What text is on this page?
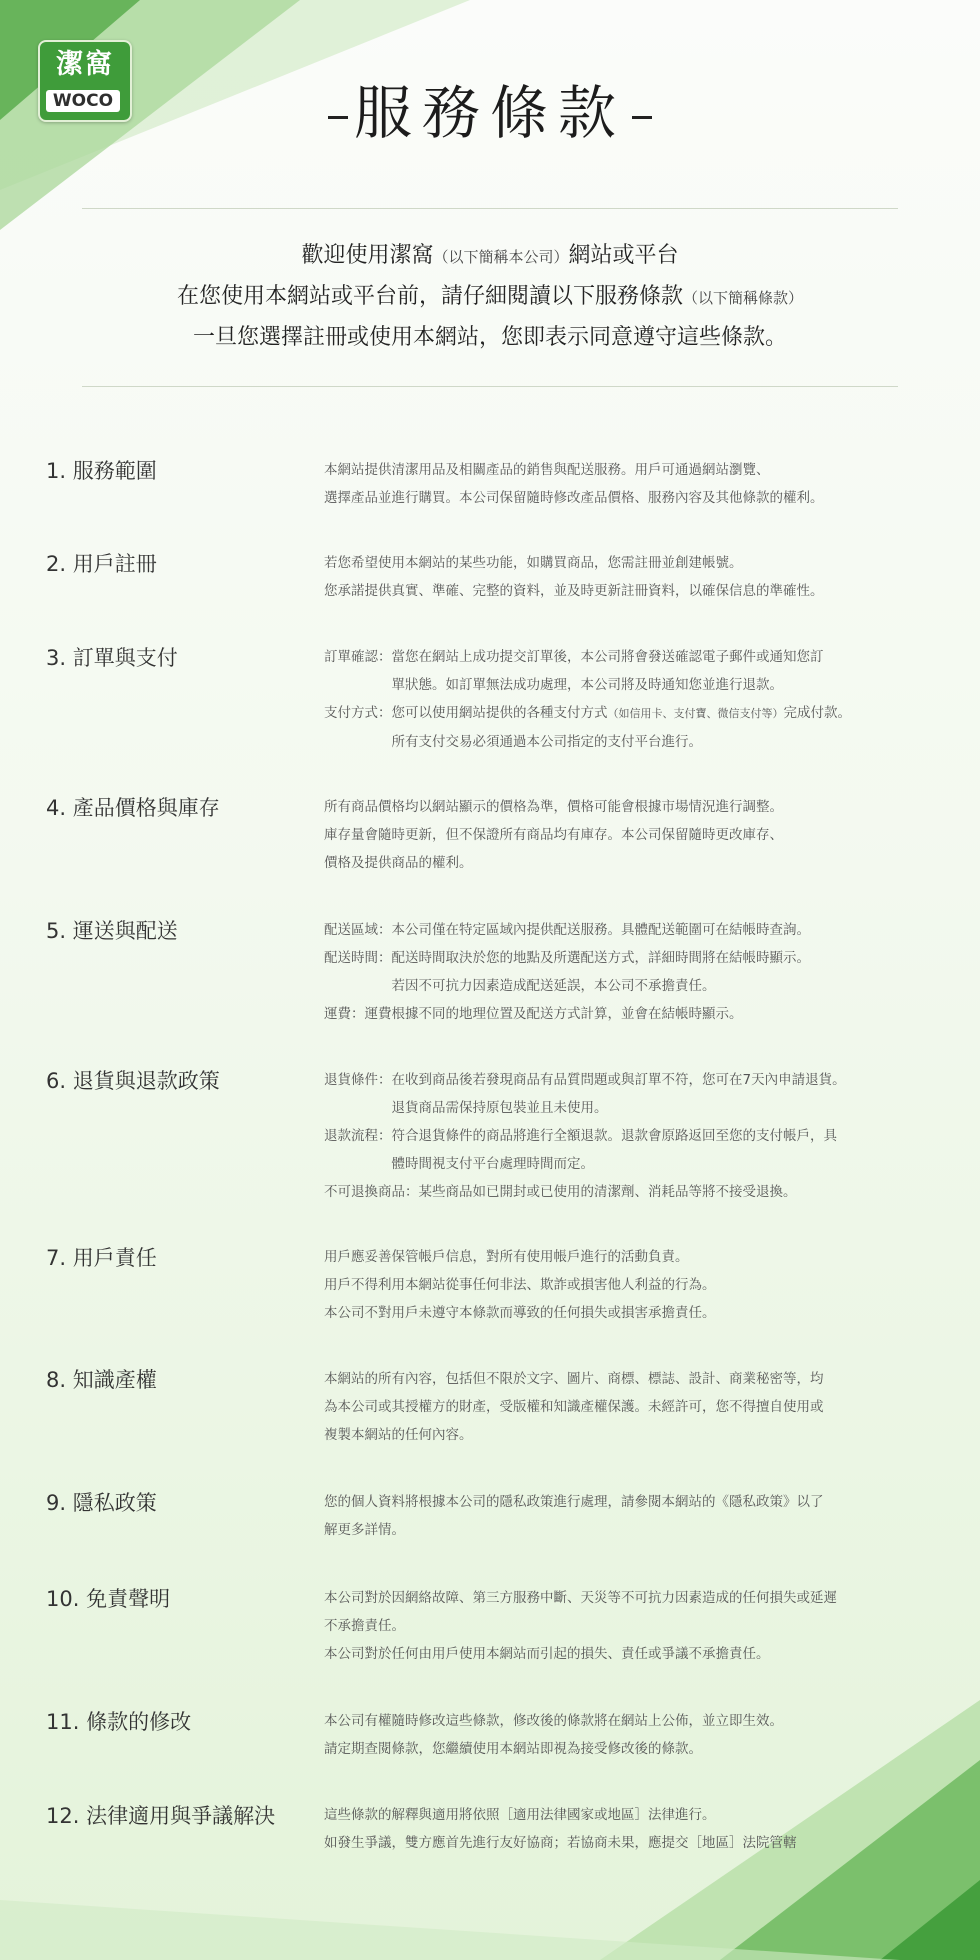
潔窩
WOCO	服務條款
歡迎使用潔窩（以下簡稱本公司）網站或平台
在您使用本網站或平台前，請仔細閱讀以下服務條款（以下簡稱條款）
一旦您選擇註冊或使用本網站，您即表示同意遵守這些條款。
1. 服務範圍	本網站提供清潔用品及相關產品的銷售與配送服務。用戶可通過網站瀏覽、
選擇產品並進行購買。本公司保留隨時修改產品價格、服務內容及其他條款的權利。
2. 用戶註冊	若您希望使用本網站的某些功能，如購買商品，您需註冊並創建帳號。
您承諾提供真實、準確、完整的資料，並及時更新註冊資料，以確保信息的準確性。
3. 訂單與支付	訂單確認： 當您在網站上成功提交訂單後，本公司將會發送確認電子郵件或通知您訂
單狀態。如訂單無法成功處理，本公司將及時通知您並進行退款。
支付方式： 您可以使用網站提供的各種支付方式（如信用卡、支付寶、微信支付等）完成付款。
所有支付交易必須通過本公司指定的支付平台進行。
4. 產品價格與庫存	所有商品價格均以網站顯示的價格為準，價格可能會根據市場情況進行調整。
庫存量會隨時更新，但不保證所有商品均有庫存。本公司保留隨時更改庫存、
價格及提供商品的權利。
5. 運送與配送	配送區域： 本公司僅在特定區域內提供配送服務。具體配送範圍可在結帳時查詢。
配送時間： 配送時間取決於您的地點及所選配送方式，詳細時間將在結帳時顯示。
若因不可抗力因素造成配送延誤，本公司不承擔責任。
運費： 運費根據不同的地理位置及配送方式計算，並會在結帳時顯示。
6. 退貨與退款政策	退貨條件： 在收到商品後若發現商品有品質問題或與訂單不符，您可在7天內申請退貨。
退貨商品需保持原包裝並且未使用。
退款流程： 符合退貨條件的商品將進行全額退款。退款會原路返回至您的支付帳戶，具
體時間視支付平台處理時間而定。
不可退換商品： 某些商品如已開封或已使用的清潔劑、消耗品等將不接受退換。
7. 用戶責任	用戶應妥善保管帳戶信息，對所有使用帳戶進行的活動負責。
用戶不得利用本網站從事任何非法、欺詐或損害他人利益的行為。
本公司不對用戶未遵守本條款而導致的任何損失或損害承擔責任。
8. 知識產權	本網站的所有內容，包括但不限於文字、圖片、商標、標誌、設計、商業秘密等，均
為本公司或其授權方的財產，受版權和知識產權保護。未經許可，您不得擅自使用或
複製本網站的任何內容。
9. 隱私政策	您的個人資料將根據本公司的隱私政策進行處理，請參閱本網站的《隱私政策》以了
解更多詳情。
10. 免責聲明	本公司對於因網絡故障、第三方服務中斷、天災等不可抗力因素造成的任何損失或延遲
不承擔責任。
本公司對於任何由用戶使用本網站而引起的損失、責任或爭議不承擔責任。
11. 條款的修改	本公司有權隨時修改這些條款，修改後的條款將在網站上公佈，並立即生效。
請定期查閱條款，您繼續使用本網站即視為接受修改後的條款。
12. 法律適用與爭議解決	這些條款的解釋與適用將依照［適用法律國家或地區］法律進行。
如發生爭議，雙方應首先進行友好協商；若協商未果，應提交［地區］法院管轄
